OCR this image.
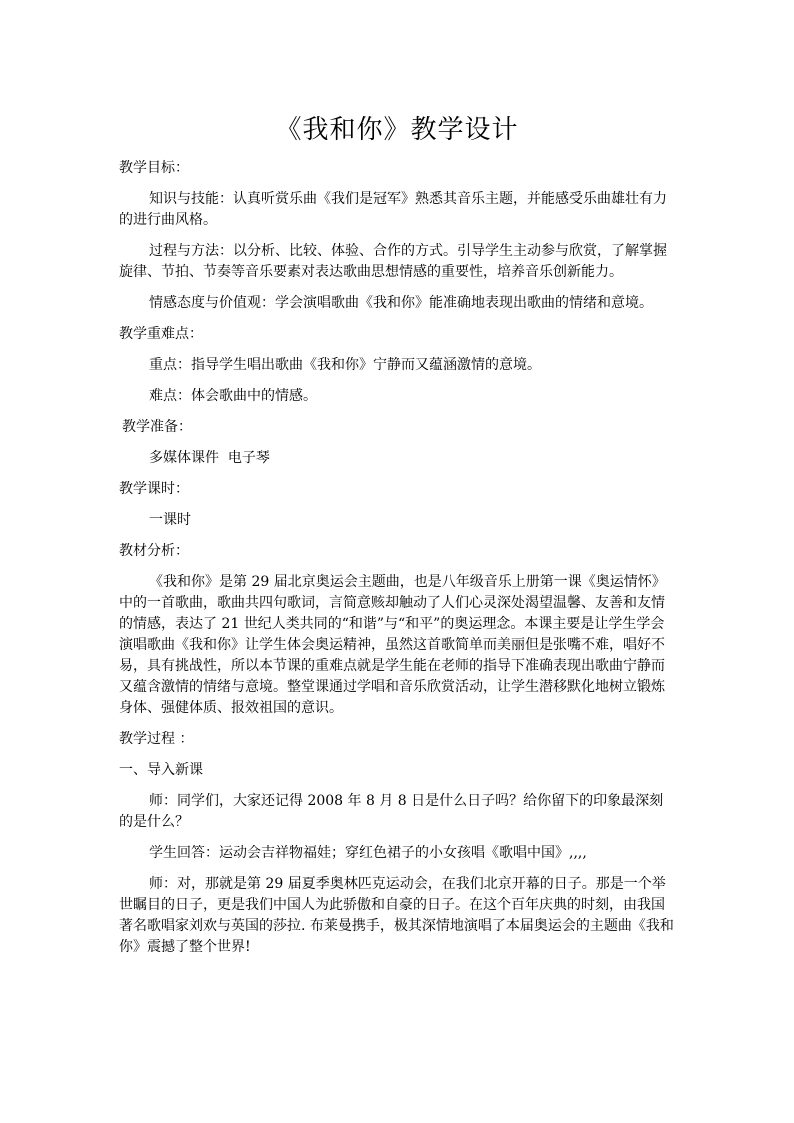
《我和你》教学设计
教学目标：
知识与技能：认真听赏乐曲《我们是冠军》熟悉其音乐主题，并能感受乐曲雄壮有力的进行曲风格。
过程与方法：以分析、比较、体验、合作的方式。引导学生主动参与欣赏，了解掌握旋律、节拍、节奏等音乐要素对表达歌曲思想情感的重要性，培养音乐创新能力。
情感态度与价值观：学会演唱歌曲《我和你》能准确地表现出歌曲的情绪和意境。
教学重难点：
重点：指导学生唱出歌曲《我和你》宁静而又蕴涵激情的意境。
难点：体会歌曲中的情感。
教学准备：
多媒体课件  电子琴
教学课时：
一课时
教材分析：
《我和你》是第 29 届北京奥运会主题曲，也是八年级音乐上册第一课《奥运情怀》中的一首歌曲，歌曲共四句歌词，言简意赅却触动了人们心灵深处渴望温馨、友善和友情的情感，表达了 21 世纪人类共同的“和谐”与“和平”的奥运理念。本课主要是让学生学会演唱歌曲《我和你》让学生体会奥运精神，虽然这首歌简单而美丽但是张嘴不难，唱好不易，具有挑战性，所以本节课的重难点就是学生能在老师的指导下准确表现出歌曲宁静而又蕴含激情的情绪与意境。整堂课通过学唱和音乐欣赏活动，让学生潜移默化地树立锻炼身体、强健体质、报效祖国的意识。
教学过程 ：
一、导入新课
师：同学们，大家还记得 2008 年 8 月 8 日是什么日子吗？给你留下的印象最深刻的是什么？
学生回答：运动会吉祥物福娃；穿红色裙子的小女孩唱《歌唱中国》,,,,
师：对，那就是第 29 届夏季奥林匹克运动会，在我们北京开幕的日子。那是一个举世瞩目的日子，更是我们中国人为此骄傲和自豪的日子。在这个百年庆典的时刻，由我国著名歌唱家刘欢与英国的莎拉. 布莱曼携手，极其深情地演唱了本届奥运会的主题曲《我和你》震撼了整个世界!
